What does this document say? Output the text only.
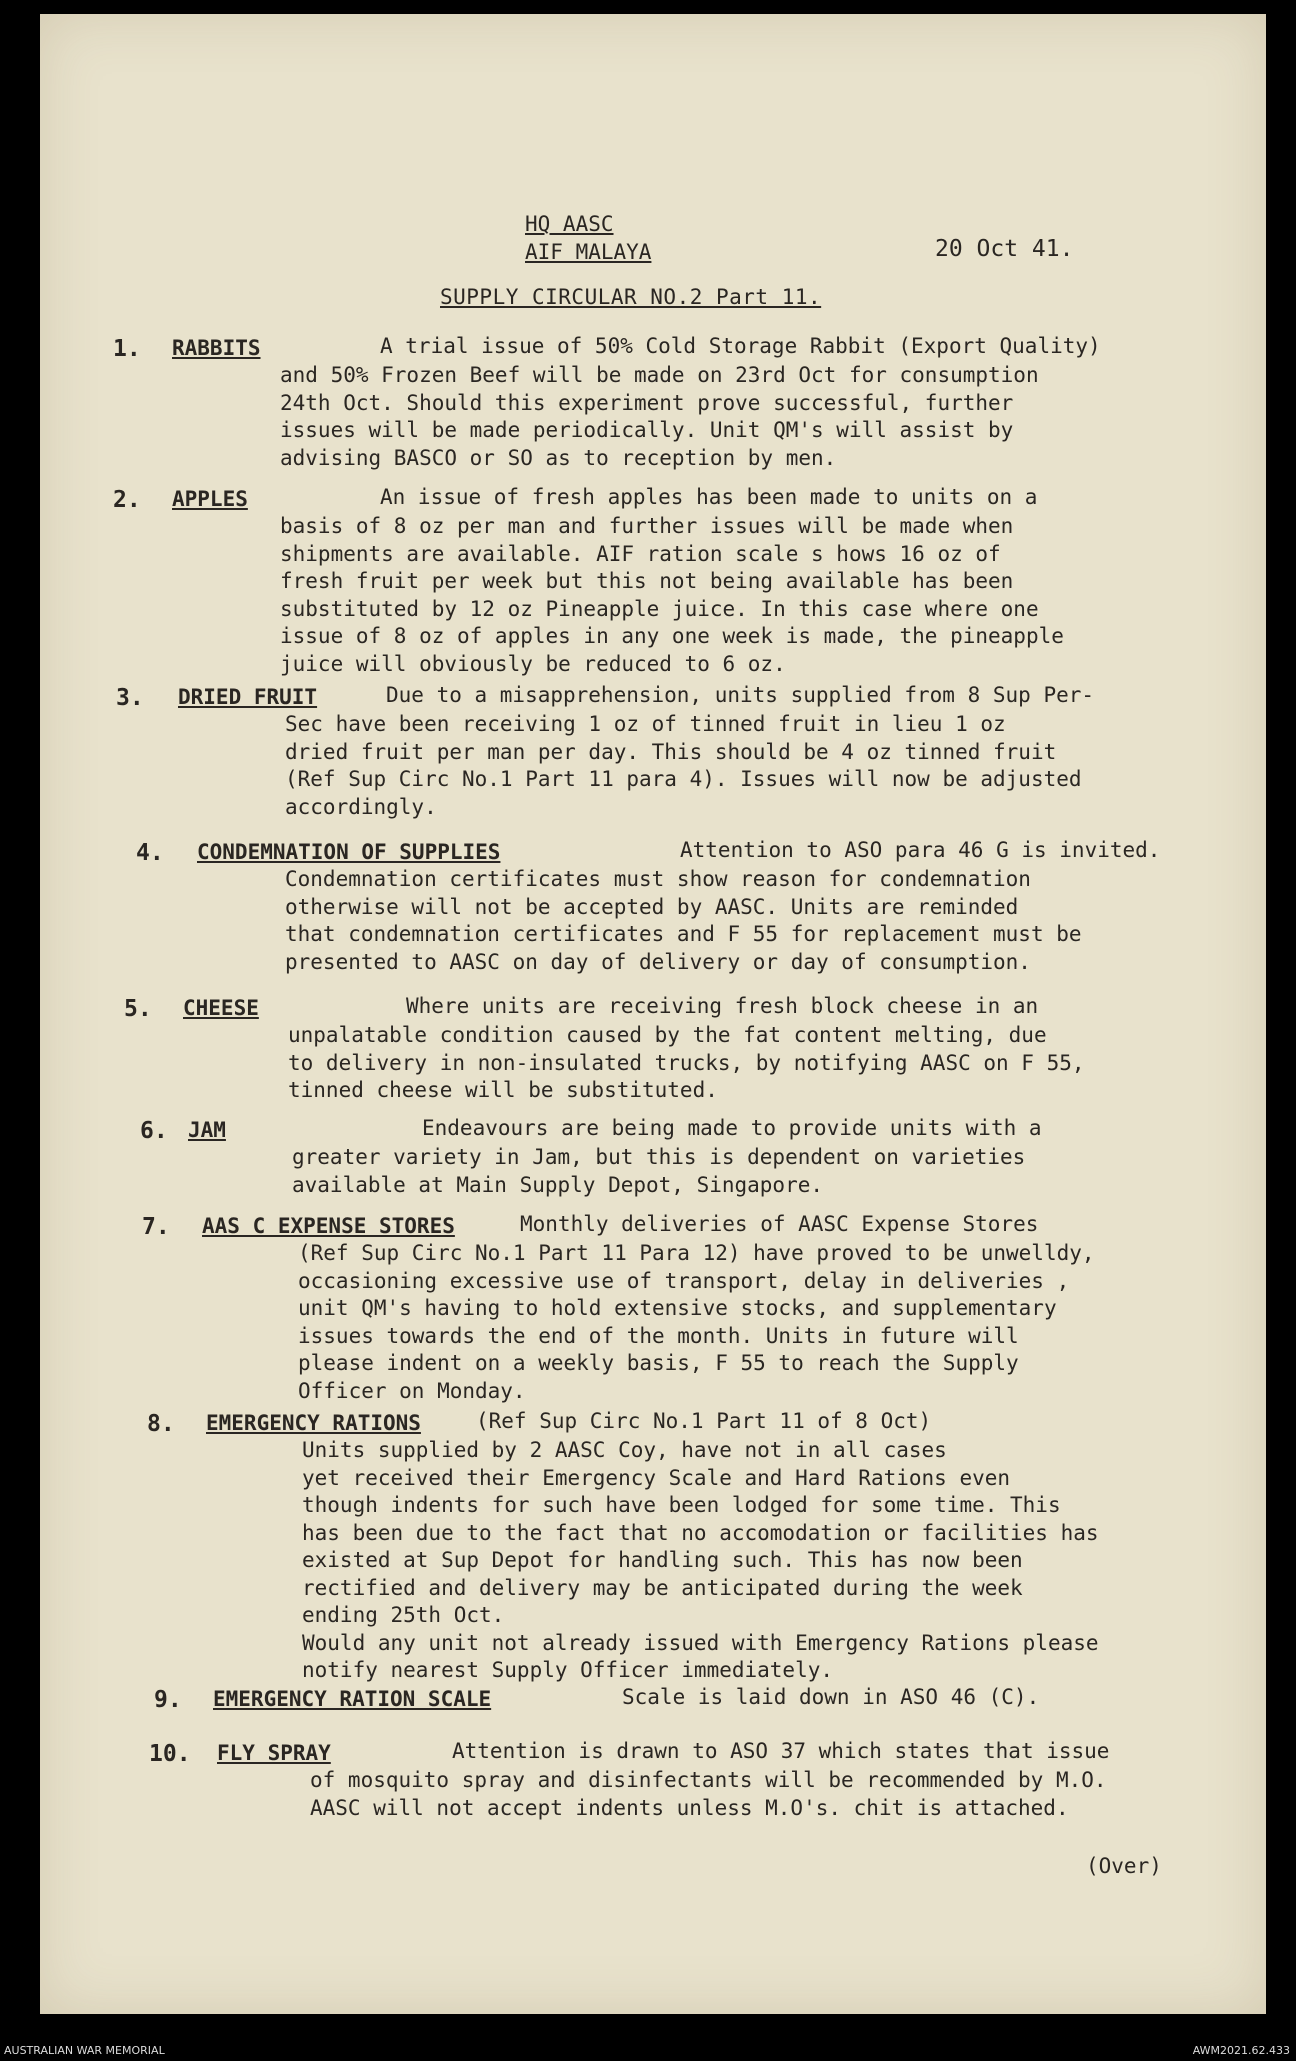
HQ AASC
AIF MALAYA	20 Oct 41.
SUPPLY CIRCULAR NO.2 Part 11.
1. RABBITS	A trial issue of 50% Cold Storage Rabbit (Export Quality)
and 50% Frozen Beef will be made on 23rd Oct for consumption
24th Oct. Should this experiment prove successful, further
issues will be made periodically. Unit QM's will assist by
advising BASCO or SO as to reception by men.
2. APPLES	An issue of fresh apples has been made to units on a
basis of 8 oz per man and further issues will be made when
shipments are available. AIF ration scale s hows 16 oz of
fresh fruit per week but this not being available has been
substituted by 12 oz Pineapple juice. In this case where one
issue of 8 oz of apples in any one week is made, the pineapple
juice will obviously be reduced to 6 oz.
3. DRIED FRUIT	Due to a misapprehension, units supplied from 8 Sup Per-
Sec have been receiving 1 oz of tinned fruit in lieu 1 oz
dried fruit per man per day. This should be 4 oz tinned fruit
(Ref Sup Circ No.1 Part 11 para 4). Issues will now be adjusted
accordingly.
4. CONDEMNATION OF SUPPLIES	Attention to ASO para 46 G is invited.
Condemnation certificates must show reason for condemnation
otherwise will not be accepted by AASC. Units are reminded
that condemnation certificates and F 55 for replacement must be
presented to AASC on day of delivery or day of consumption.
5. CHEESE	Where units are receiving fresh block cheese in an
unpalatable condition caused by the fat content melting, due
to delivery in non-insulated trucks, by notifying AASC on F 55,
tinned cheese will be substituted.
6. JAM	Endeavours are being made to provide units with a
greater variety in Jam, but this is dependent on varieties
available at Main Supply Depot, Singapore.
7. AAS C EXPENSE STORES	Monthly deliveries of AASC Expense Stores
(Ref Sup Circ No.1 Part 11 Para 12) have proved to be unwelldy,
occasioning excessive use of transport, delay in deliveries ,
unit QM's having to hold extensive stocks, and supplementary
issues towards the end of the month. Units in future will
please indent on a weekly basis, F 55 to reach the Supply
Officer on Monday.
8. EMERGENCY RATIONS	(Ref Sup Circ No.1 Part 11 of 8 Oct)
Units supplied by 2 AASC Coy, have not in all cases
yet received their Emergency Scale and Hard Rations even
though indents for such have been lodged for some time. This
has been due to the fact that no accomodation or facilities has
existed at Sup Depot for handling such. This has now been
rectified and delivery may be anticipated during the week
ending 25th Oct.
Would any unit not already issued with Emergency Rations please
notify nearest Supply Officer immediately.
9. EMERGENCY RATION SCALE	Scale is laid down in ASO 46 (C).
10. FLY SPRAY	Attention is drawn to ASO 37 which states that issue
of mosquito spray and disinfectants will be recommended by M.O.
AASC will not accept indents unless M.O's. chit is attached.
(Over)
AUSTRALIAN WAR MEMORIAL	AWM2021.62.433
